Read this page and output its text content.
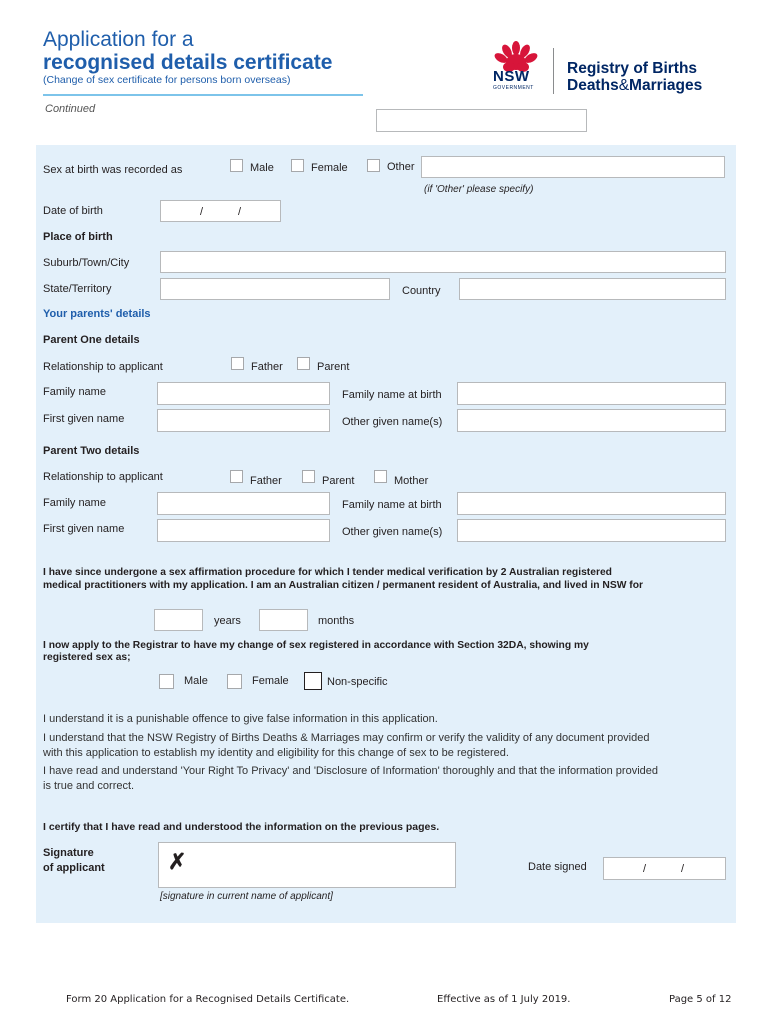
Application for a
recognised details certificate
(Change of sex certificate for persons born overseas)
Continued
NSW
GOVERNMENT
Registry of Births
Deaths&Marriages
Sex at birth was recorded as	Male	Female	Other
(if 'Other' please specify)
Date of birth	/	/
Place of birth
Suburb/Town/City
State/Territory	Country
Your parents' details
Parent One details
Relationship to applicant	Father	Parent
Family name	Family name at birth
First given name	Other given name(s)
Parent Two details
Relationship to applicant	Father	Parent	Mother
Family name	Family name at birth
First given name	Other given name(s)
I have since undergone a sex affirmation procedure for which I tender medical verification by 2 Australian registered
medical practitioners with my application. I am an Australian citizen / permanent resident of Australia, and lived in NSW for
years	months
I now apply to the Registrar to have my change of sex registered in accordance with Section 32DA, showing my
registered sex as;
Male	Female	Non-specific
I understand it is a punishable offence to give false information in this application.
I understand that the NSW Registry of Births Deaths & Marriages may confirm or verify the validity of any document provided
with this application to establish my identity and eligibility for this change of sex to be registered.
I have read and understand 'Your Right To Privacy' and 'Disclosure of Information' thoroughly and that the information provided
is true and correct.
I certify that I have read and understood the information on the previous pages.
Signature
of applicant	✗
[signature in current name of applicant]
Date signed	/	/
Form 20 Application for a Recognised Details Certificate.	Effective as of 1 July 2019.	Page 5 of 12
